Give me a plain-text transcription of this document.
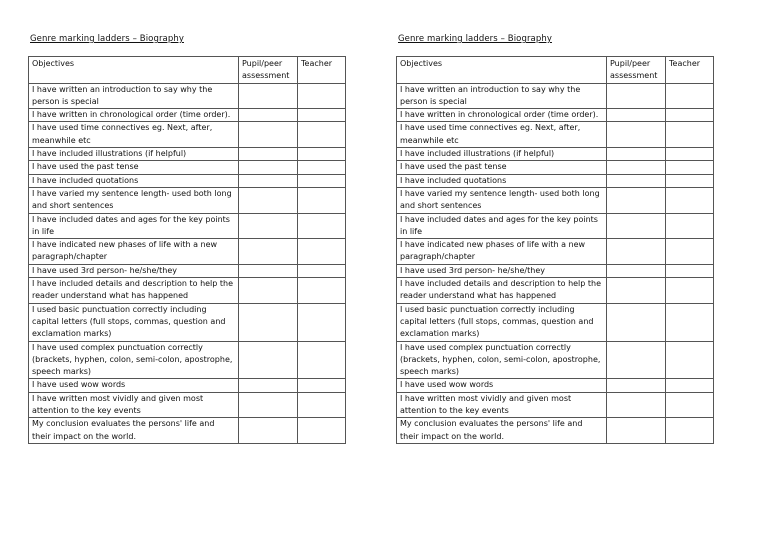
Genre marking ladders – Biography
Objectives	Pupil/peer assessment	Teacher
I have written an introduction to say why the person is special		
I have written in chronological order (time order).		
I have used time connectives eg. Next, after, meanwhile etc		
I have included illustrations (if helpful)		
I have used the past tense		
I have included quotations		
I have varied my sentence length- used both long and short sentences		
I have included dates and ages for the key points in life		
I have indicated new phases of life with a new paragraph/chapter		
I have used 3rd person- he/she/they		
I have included details and description to help the reader understand what has happened		
I used basic punctuation correctly including capital letters (full stops, commas, question and exclamation marks)		
I have used complex punctuation correctly (brackets, hyphen, colon, semi-colon, apostrophe, speech marks)		
I have used wow words		
I have written most vividly and given most attention to the key events		
My conclusion evaluates the persons' life and their impact on the world.		
Genre marking ladders – Biography
Objectives	Pupil/peer assessment	Teacher
I have written an introduction to say why the person is special		
I have written in chronological order (time order).		
I have used time connectives eg. Next, after, meanwhile etc		
I have included illustrations (if helpful)		
I have used the past tense		
I have included quotations		
I have varied my sentence length- used both long and short sentences		
I have included dates and ages for the key points in life		
I have indicated new phases of life with a new paragraph/chapter		
I have used 3rd person- he/she/they		
I have included details and description to help the reader understand what has happened		
I used basic punctuation correctly including capital letters (full stops, commas, question and exclamation marks)		
I have used complex punctuation correctly (brackets, hyphen, colon, semi-colon, apostrophe, speech marks)		
I have used wow words		
I have written most vividly and given most attention to the key events		
My conclusion evaluates the persons' life and their impact on the world.		
